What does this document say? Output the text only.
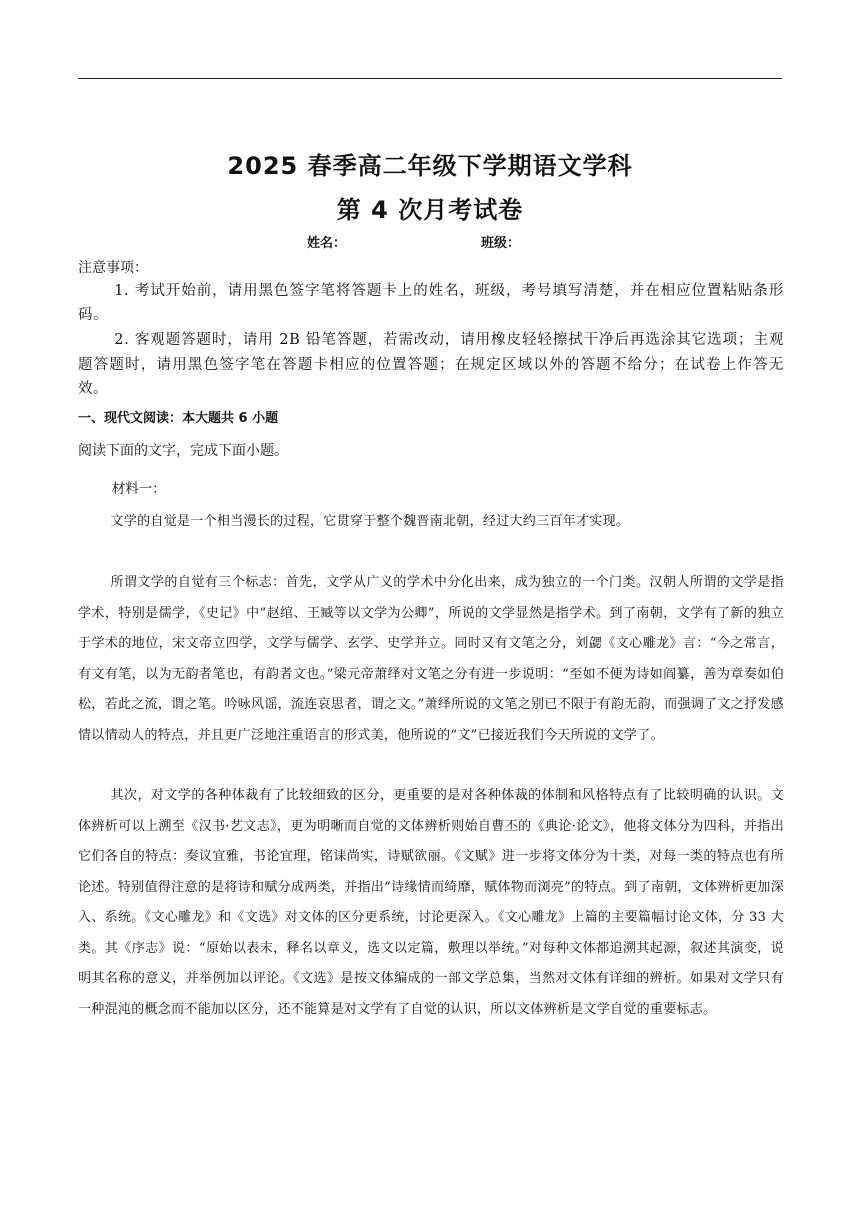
2025 春季高二年级下学期语文学科
第 4 次月考试卷
姓名：	班级：
注意事项：
1. 考试开始前，请用黑色签字笔将答题卡上的姓名，班级，考号填写清楚，并在相应位置粘贴条形码。
2. 客观题答题时，请用 2B 铅笔答题，若需改动，请用橡皮轻轻擦拭干净后再选涂其它选项；主观题答题时，请用黑色签字笔在答题卡相应的位置答题；在规定区域以外的答题不给分；在试卷上作答无效。
一、现代文阅读：本大题共 6 小题
阅读下面的文字，完成下面小题。
材料一：
文学的自觉是一个相当漫长的过程，它贯穿于整个魏晋南北朝，经过大约三百年才实现。
所谓文学的自觉有三个标志：首先，文学从广义的学术中分化出来，成为独立的一个门类。汉朝人所谓的文学是指学术，特别是儒学，《史记》中“赵绾、王臧等以文学为公卿”，所说的文学显然是指学术。到了南朝，文学有了新的独立于学术的地位，宋文帝立四学，文学与儒学、玄学、史学并立。同时又有文笔之分，刘勰《文心雕龙》言：“今之常言，有文有笔，以为无韵者笔也，有韵者文也。”梁元帝萧绎对文笔之分有进一步说明：“至如不便为诗如阎纂，善为章奏如伯松，若此之流，谓之笔。吟咏风谣，流连哀思者，谓之文。”萧绎所说的文笔之别已不限于有韵无韵，而强调了文之抒发感情以情动人的特点，并且更广泛地注重语言的形式美，他所说的“文”已接近我们今天所说的文学了。
其次，对文学的各种体裁有了比较细致的区分，更重要的是对各种体裁的体制和风格特点有了比较明确的认识。文体辨析可以上溯至《汉书·艺文志》，更为明晰而自觉的文体辨析则始自曹丕的《典论·论文》，他将文体分为四科，并指出它们各自的特点：奏议宜雅，书论宜理，铭诔尚实，诗赋欲丽。《文赋》进一步将文体分为十类，对每一类的特点也有所论述。特别值得注意的是将诗和赋分成两类，并指出“诗缘情而绮靡，赋体物而浏亮”的特点。到了南朝，文体辨析更加深入、系统。《文心雕龙》和《文选》对文体的区分更系统，讨论更深入。《文心雕龙》上篇的主要篇幅讨论文体，分 33 大类。其《序志》说：“原始以表末，释名以章义，选文以定篇，敷理以举统。”对每种文体都追溯其起源，叙述其演变，说明其名称的意义，并举例加以评论。《文选》是按文体编成的一部文学总集，当然对文体有详细的辨析。如果对文学只有一种混沌的概念而不能加以区分，还不能算是对文学有了自觉的认识，所以文体辨析是文学自觉的重要标志。
